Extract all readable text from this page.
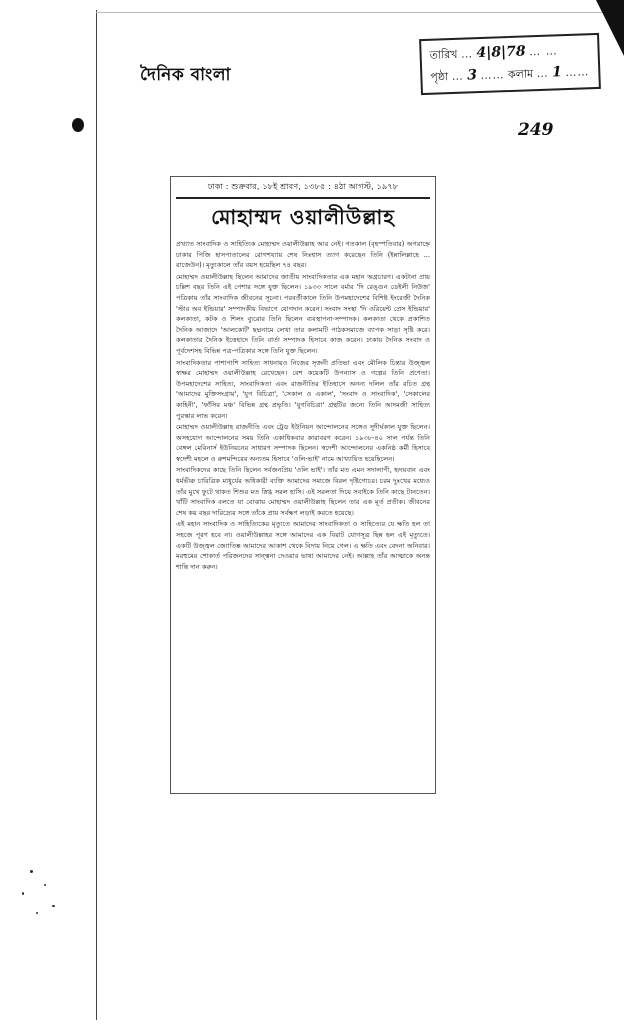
দৈনিক বাংলা
তারিখ … 4|8|78 … …
পৃষ্ঠা … 3 …… কলাম … 1 ……
249
ঢাকা : শুক্রবার, ১৮ই শ্রাবণ, ১৩৮৫ : ৪ঠা আগস্ট, ১৯৭৮
মোহাম্মদ ওয়ালীউল্লাহ

প্রখ্যাত সাংবাদিক ও সাহিত্যিক মোহাম্মদ ওয়ালীউল্লাহ আর নেই। গতকাল (বৃহস্পতিবার) অপরাহ্নে ঢাকার পিজি হাসপাতালের রোগশয্যায় শেষ নিঃশ্বাস ত্যাগ করেছেন তিনি (ইন্নালিল্লাহে ... রাজেউন)। মৃত্যুকালে তাঁর বয়স হয়েছিল ৭৪ বছর।

মোহাম্মদ ওয়ালীউল্লাহ ছিলেন আমাদের জাতীয় সাংবাদিকতার এক মহান অগ্রচারণ। একটানা প্রায় চল্লিশ বছর তিনি এই পেশার সঙ্গে যুক্ত ছিলেন। ১৯৩৩ সালে বর্মার 'দি রেঙ্গুন ডেইলী নিউজ' পত্রিকায় তাঁর সাংবাদিক জীবনের সূচনা। পরবর্তীকালে তিনি উপমহাদেশের বিশিষ্ট ইংরেজী দৈনিক 'স্টার অব ইন্ডিয়ার' সম্পাদকীয় বিভাগে যোগদান করেন। সংবাদ সংস্থা 'দি ওরিয়েন্ট প্রেস ইন্ডিয়ার' কলকাতা, কটক ও শিলং ব্যুরোর তিনি ছিলেন ব্যবস্থাপনা-সম্পাদক। কলকাতা থেকে প্রকাশিত দৈনিক আজাদে 'আলকোর্ট' ছদ্মনামে লেখা তার কলামটি পাঠকসমাজে ব্যাপক সাড়া সৃষ্টি করে। কলকাতার দৈনিক ইত্তেহাদে তিনি বার্তা সম্পাদক হিসাবে কাজ করেন। ঢাকায় দৈনিক সংবাদ ও পূর্বদেশসহ বিভিন্ন পত্র-পত্রিকার সঙ্গে তিনি যুক্ত ছিলেন।

সাংবাদিকতার পাশাপাশি সাহিত্য সাধনায়ও নিজের সৃজনী প্রতিভা এবং মৌলিক চিন্তার উজ্জ্বল স্বাক্ষর মোহাম্মদ ওয়ালীউল্লাহ রেখেছেন। বেশ কয়েকটি উপন্যাস ও গল্পের তিনি প্রণেতা। উপমহাদেশের সাহিত্য, সাংবাদিকতা এবং রাজনীতির ইতিহাসে অনন্য দলিল তাঁর রচিত গ্রন্থ 'আমাদের মুক্তিসংগ্রাম', 'যুগ বিচিত্রা', 'সেকাল ও একাল', 'সংবাদ ও সাংবাদিক', 'সেকালের কাহিনী', 'ফাঁসির মঞ্চ' বিভিন্ন গ্রন্থ প্রভৃতি। 'যুগবিচিত্রা' গ্রন্থটির জন্যে তিনি আদমজী সাহিত্য পুরস্কার লাভ করেন।

মোহাম্মদ ওয়ালীউল্লাহ রাজনীতি এবং ট্রেড ইউনিয়ন আন্দোলনের সঙ্গেও সুদীর্ঘকাল যুক্ত ছিলেন। অসহযোগ আন্দোলনের সময় তিনি একাধিকবার কারাবরণ করেন। ১৯৩৮-৪০ সাল পর্যন্ত তিনি বেঙ্গল মেরিনার্স ইউনিয়নের সাধারণ সম্পাদক ছিলেন। স্বদেশী আন্দোলনের একনিষ্ঠ কর্মী হিসাবে স্বদেশী মহলে ও রুশমন্দিরের অন্যতম হিসাবে 'ওলি-ভাই' নামে আখ্যায়িত হয়েছিলেন।

সাংবাদিকদের কাছে তিনি ছিলেন সর্বজনপ্রিয় 'ওলি ভাই'। তাঁর মত এমন সদালাপী, হৃদয়বান এবং ধর্মভীরু চারিত্রিক মাধুর্যের অধিকারী ব্যক্তি আমাদের সমাজে বিরল দৃষ্টিগোচর। চরম দুঃখের মধ্যেও তাঁর মুখে ফুটে থাকত শিশুর মত স্নিগ্ধ সরল হাসি। এই সরলতা দিয়ে সবাইকে তিনি কাছে টানতেন। খাঁটি সাংবাদিক বলতে যা বোঝায় মোহাম্মদ ওয়ালীউল্লাহ ছিলেন তার এক মূর্ত প্রতীক। জীবনের শেষ কয় বছর দারিদ্র্যের সঙ্গে তাঁকে প্রায় সর্বক্ষণ লড়াই করতে হয়েছে।

এই মহান সাংবাদিক ও সাহিত্যিকের মৃত্যুতে আমাদের সাংবাদিকতা ও সাহিত্যের যে ক্ষতি হল তা সহজে পূরণ হবে না। ওয়ালীউল্লাহর সঙ্গে আমাদের এক বিরাট যোগসূত্র ছিন্ন হল এই মৃত্যুতে। একটি উজ্জ্বল জ্যোতিষ্ক আমাদের আকাশ থেকে বিদায় নিয়ে গেল। এ ক্ষতি এবং বেদনা অনিবার। মরহুমের শোকার্ত পরিজনদের সান্ত্বনা দেওয়ার ভাষা আমাদের নেই। আল্লাহ তাঁর আত্মাকে অনন্ত শান্তি দান করুন।
